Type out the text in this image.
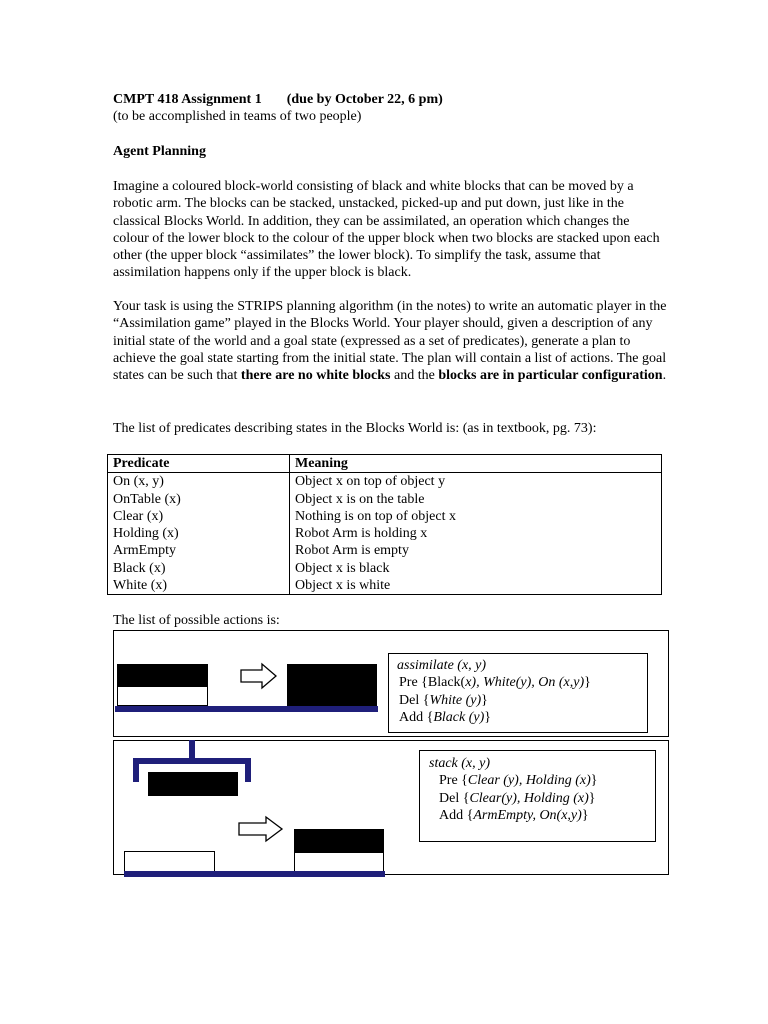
CMPT 418 Assignment 1 (due by October 22, 6 pm)
(to be accomplished in teams of two people)
Agent Planning

Imagine a coloured block-world consisting of black and white blocks that can be moved by a robotic arm. The blocks can be stacked, unstacked, picked-up and put down, just like in the classical Blocks World. In addition, they can be assimilated, an operation which changes the colour of the lower block to the colour of the upper block when two blocks are stacked upon each other (the upper block “assimilates” the lower block). To simplify the task, assume that assimilation happens only if the upper block is black.

Your task is using the STRIPS planning algorithm (in the notes) to write an automatic player in the “Assimilation game” played in the Blocks World. Your player should, given a description of any initial state of the world and a goal state (expressed as a set of predicates), generate a plan to achieve the goal state starting from the initial state. The plan will contain a list of actions. The goal states can be such that there are no white blocks and the blocks are in particular configuration.

The list of predicates describing states in the Blocks World is: (as in textbook, pg. 73):
Predicate	Meaning
On (x, y)	Object x on top of object y
OnTable (x)	Object x is on the table
Clear (x)	Nothing is on top of object x
Holding (x)	Robot Arm is holding x
ArmEmpty	Robot Arm is empty
Black (x)	Object x is black
White (x)	Object x is white
The list of possible actions is:
assimilate (x, y)
Pre {Black(x), White(y), On (x,y)}
Del {White (y)}
Add {Black (y)}
stack (x, y)
Pre {Clear (y), Holding (x)}
Del {Clear(y), Holding (x)}
Add {ArmEmpty, On(x,y)}
